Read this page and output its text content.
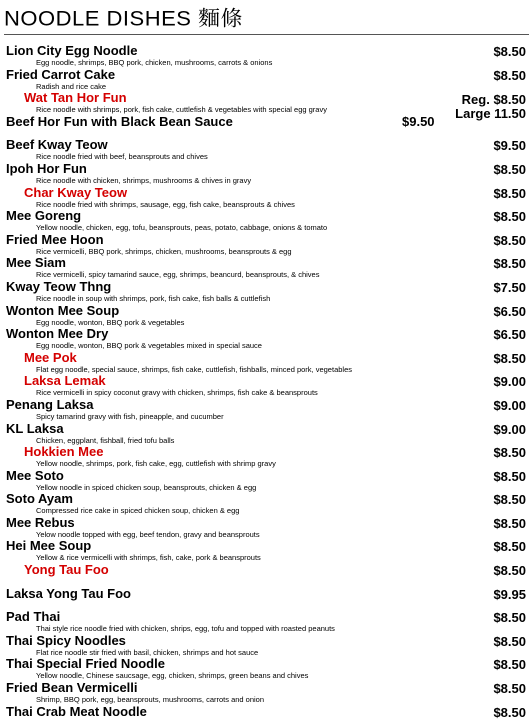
NOODLE DISHES 麵條
Lion City Egg Noodle
Egg noodle, shrimps, BBQ pork, chicken, mushrooms, carrots & onions
$8.50
Fried Carrot Cake
Radish and rice cake
$8.50
Wat Tan Hor Fun
Rice noodle with shrimps, pork, fish cake, cuttlefish & vegetables with special egg gravy
Reg. $8.50
Large 11.50
Beef Hor Fun with Black Bean Sauce	$9.50
Beef Kway Teow
Rice noodle fried with beef, beansprouts and chives
$9.50
Ipoh Hor Fun
Rice noodle with chicken, shrimps, mushrooms & chives in gravy
$8.50
Char Kway Teow
Rice noodle fried with shrimps, sausage, egg, fish cake, beansprouts & chives
$8.50
Mee Goreng
Yellow noodle, chicken, egg, tofu, beansprouts, peas, potato, cabbage, onions & tomato
$8.50
Fried Mee Hoon
Rice vermicelli, BBQ pork, shrimps, chicken, mushrooms, beansprouts & egg
$8.50
Mee Siam
Rice vermicelli, spicy tamarind sauce, egg, shrimps, beancurd, beansprouts, & chives
$8.50
Kway Teow Thng
Rice noodle in soup with shrimps, pork, fish cake, fish balls & cuttlefish
$7.50
Wonton Mee Soup
Egg noodle, wonton, BBQ pork & vegetables
$6.50
Wonton Mee Dry
Egg noodle, wonton, BBQ pork & vegetables mixed in special sauce
$6.50
Mee Pok
Flat egg noodle, special sauce, shrimps, fish cake, cuttlefish, fishballs, minced pork, vegetables
$8.50
Laksa Lemak
Rice vermicelli in spicy coconut gravy with chicken, shrimps, fish cake & beansprouts
$9.00
Penang Laksa
Spicy tamarind gravy with fish, pineapple, and cucumber
$9.00
KL Laksa
Chicken, eggplant, fishball, fried tofu balls
$9.00
Hokkien Mee
Yellow noodle, shrimps, pork, fish cake, egg, cuttlefish with shrimp gravy
$8.50
Mee Soto
Yellow noodle in spiced chicken soup, beansprouts, chicken & egg
$8.50
Soto Ayam
Compressed rice cake in spiced chicken soup, chicken & egg
$8.50
Mee Rebus
Yelow noodle topped with egg, beef tendon, gravy and beansprouts
$8.50
Hei Mee Soup
Yellow & rice vermicelli with shrimps, fish, cake, pork & beansprouts
$8.50
Yong Tau Foo	$8.50
Laksa Yong Tau Foo	$9.95
Pad Thai
Thai style rice noodle fried with chicken, shrips, egg, tofu and topped with roasted peanuts
$8.50
Thai Spicy Noodles
Flat rice noodle stir fried with basil, chicken, shrimps and hot sauce
$8.50
Thai Special Fried Noodle
Yellow noodle, Chinese saucsage, egg, chicken, shrimps, green beans and chives
$8.50
Fried Bean Vermicelli
Shrimp, BBQ pork, egg, beansprouts, mushrooms, carrots and onion
$8.50
Thai Crab Meat Noodle	$8.50
